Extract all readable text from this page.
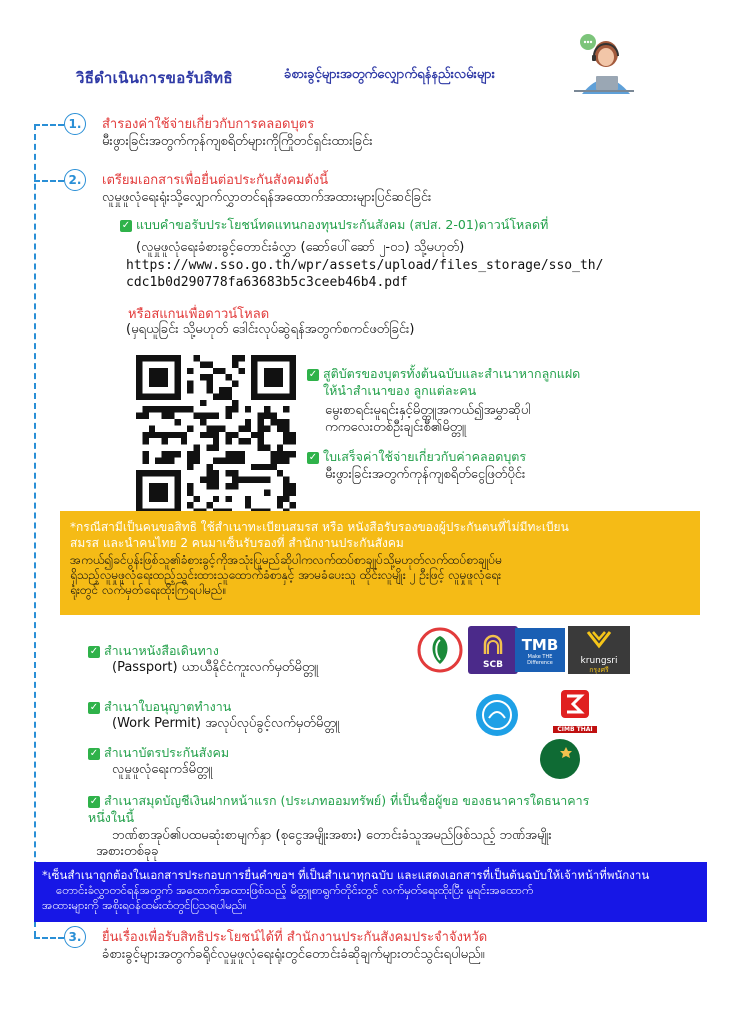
วิธีดำเนินการขอรับสิทธิ	ခံစားခွင့်များအတွက်လျှောက်ရန်နည်းလမ်းများ
1.	สำรองค่าใช้จ่ายเกี่ยวกับการคลอดบุตร
မီးဖွားခြင်းအတွက်ကုန်ကျစရိတ်များကိုကြိုတင်ရှင်းထားခြင်း
2.	เตรียมเอกสารเพื่อยื่นต่อประกันสังคมดังนี้
လူမှုဖူလုံရေးရုံးသို့လျှောက်လွှာတင်ရန်အထောက်အထားများပြင်ဆင်ခြင်း
✓ แบบคำขอรับประโยชน์ทดแทนกองทุนประกันสังคม (สปส. 2-01)ดาวน์โหลดที่
(လူမှုဖူလုံရေးခံစားခွင့်တောင်းခံလွှာ (ဆော်ပေါ်ဆော် ၂-၀၁) သို့မဟုတ်)
https://www.sso.go.th/wpr/assets/upload/files_storage/sso_th/
cdc1b0d290778fa63683b5c3ceeb46b4.pdf
หรือสแกนเพื่อดาวน์โหลด
(မှရယူခြင်း သို့မဟုတ် ဒေါင်းလုပ်ဆွဲရန်အတွက်စကင်ဖတ်ခြင်း)
✓ สูติบัตรของบุตรทั้งต้นฉบับและสำเนาหากลูกแฝด
ให้นำสำเนาของ ลูกแต่ละคน
မွေးစာရင်းမူရင်းနှင့်မိတ္တူအကယ်၍အမွှာဆိုပါ
ကကလေးတစ်ဦးချင်းစီ၏မိတ္တူ
✓ ใบเสร็จค่าใช้จ่ายเกี่ยวกับค่าคลอดบุตร
မီးဖွားခြင်းအတွက်ကုန်ကျစရိတ်ငွေဖြတ်ပိုင်း
*กรณีสามีเป็นคนขอสิทธิ ใช้สำเนาทะเบียนสมรส หรือ หนังสือรับรองของผู้ประกันตนที่ไม่มีทะเบียน
สมรส และนำคนไทย 2 คนมาเซ็นรับรองที่ สำนักงานประกันสังคม
အကယ်၍ခင်ပွန်းဖြစ်သူ၏ခံစားခွင့်ကိုအသုံးပြုမည်ဆိုပါကလက်ထပ်စာချုပ်သို့မဟုတ်လက်ထပ်စာချုပ်မ
ရှိသည့်လူမှုဖူလုံရေးထည့်သွင်းထားသူထောက်ခံစာနှင့် အာမခံပေးသူ ထိုင်းလူမျိုး ၂ ဦးဖြင့် လူမှုဖူလုံရေး
ရုံးတွင် လက်မှတ်ရေးထိုးကြရပါမည်။
✓ สำเนาหนังสือเดินทาง
(Passport) ယာယီနိုင်ငံကူးလက်မှတ်မိတ္တူ
✓ สำเนาใบอนุญาตทำงาน
(Work Permit) အလုပ်လုပ်ခွင့်လက်မှတ်မိတ္တူ
✓ สำเนาบัตรประกันสังคม
လူမှုဖူလုံရေးကဒ်မိတ္တူ
SCB
TMB
Make THE Difference	krungsri
กรุงศรี
CIMB THAI
✓ สำเนาสมุดบัญชีเงินฝากหน้าแรก (ประเภทออมทรัพย์) ที่เป็นชื่อผู้ขอ ของธนาคารใดธนาคาร
หนึ่งในนี้
ဘဏ်စာအုပ်၏ပထမဆုံးစာမျက်နှာ (စုငွေအမျိုးအစား) တောင်းခံသူအမည်ဖြစ်သည့် ဘဏ်အမျိုး
အစားတစ်ခုခု
*เซ็นสำเนาถูกต้องในเอกสารประกอบการยื่นคำขอฯ ที่เป็นสำเนาทุกฉบับ และแสดงเอกสารที่เป็นต้นฉบับให้เจ้าหน้าที่พนักงาน
တောင်းခံလွှာတင်ရန်အတွက် အထောက်အထားဖြစ်သည့် မိတ္တူစာရွက်တိုင်းတွင် လက်မှတ်ရေးထိုးပြီး မူရင်းအထောက်
အထားများကို အစိုးရဝန်ထမ်းထံတွင်ပြသရပါမည်။
3.	ยื่นเรื่องเพื่อรับสิทธิประโยชน์ได้ที่ สำนักงานประกันสังคมประจำจังหวัด
ခံစားခွင့်များအတွက်ခရိုင်လူမှုဖူလုံရေးရုံးတွင်တောင်းခံဆိုချက်များတင်သွင်းရပါမည်။
